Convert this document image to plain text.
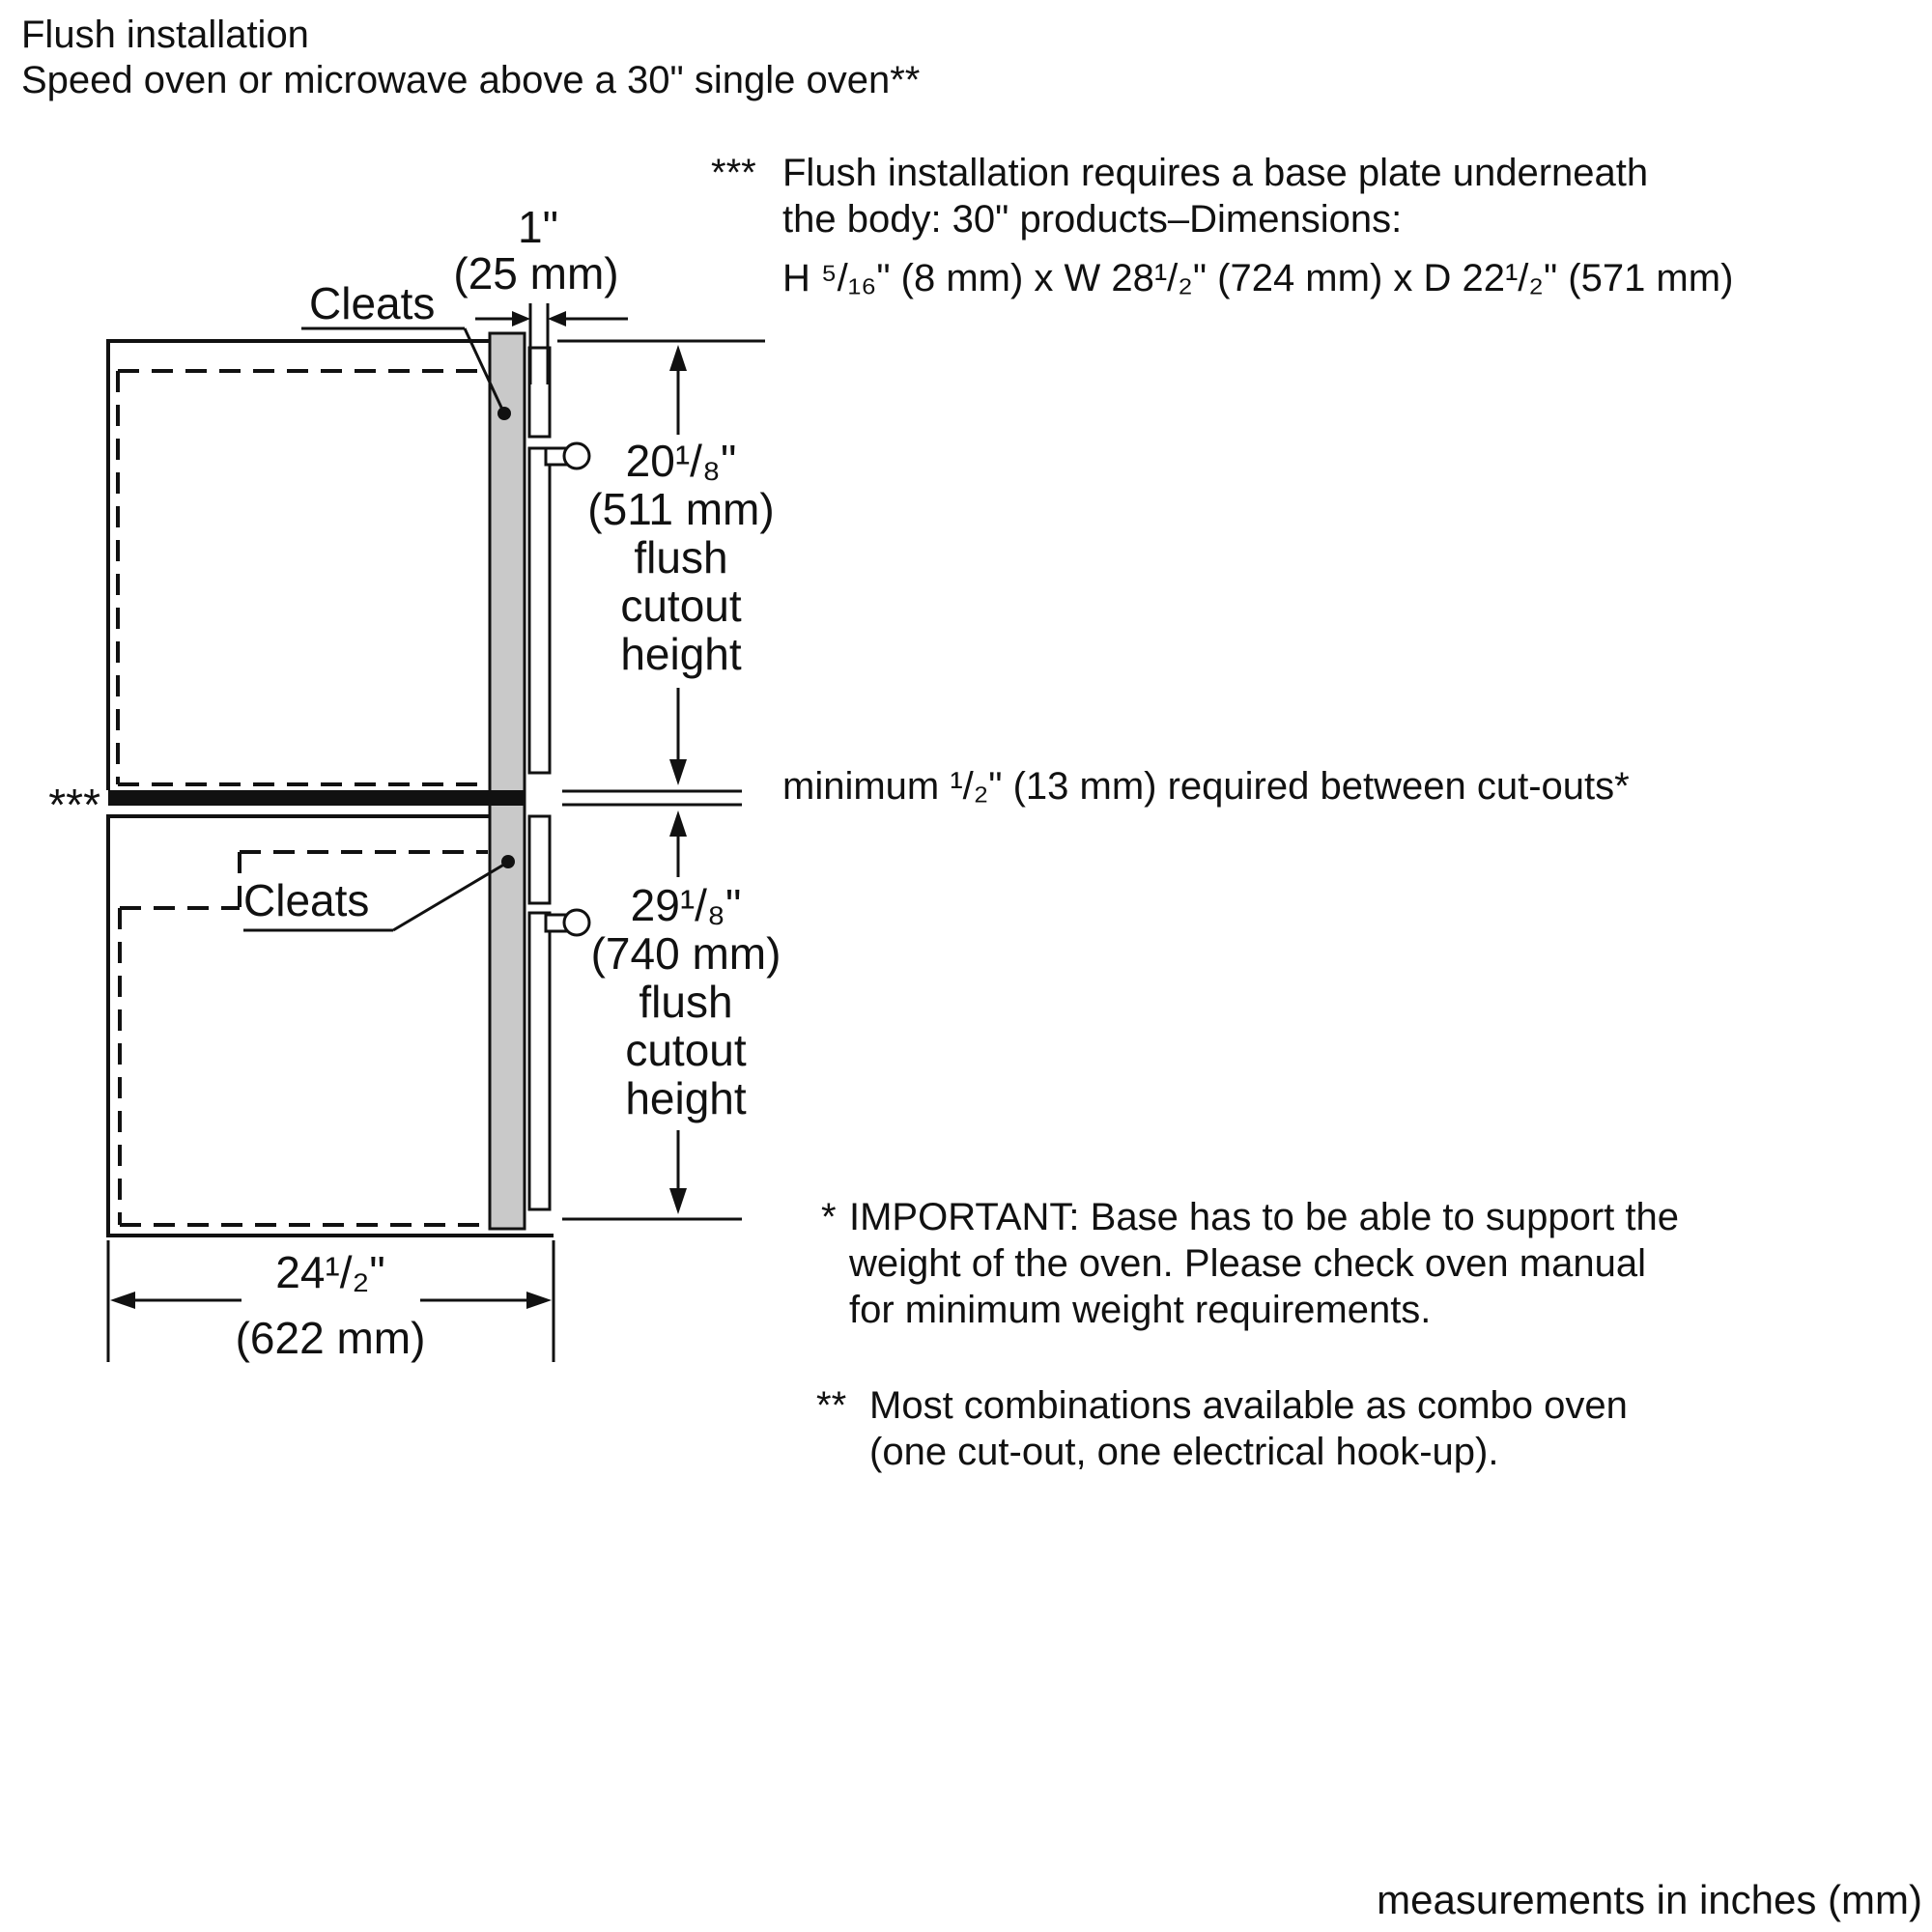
Flush installation
Speed oven or microwave above a 30" single oven**
*** Flush installation requires a base plate underneath
the body: 30" products–Dimensions:
H ⁵/₁₆" (8 mm) x W 28¹/₂" (724 mm) x D 22¹/₂" (571 mm)
1"
(25 mm)
Cleats
Cleats
20¹/₈"
(511 mm)
flush
cutout
height
***	minimum ¹/₂" (13 mm) required between cut-outs*
29¹/₈"
(740 mm)
flush
cutout
height
24¹/₂"
(622 mm)
* IMPORTANT: Base has to be able to support the
weight of the oven. Please check oven manual
for minimum weight requirements.
** Most combinations available as combo oven
(one cut-out, one electrical hook-up).
measurements in inches (mm)
